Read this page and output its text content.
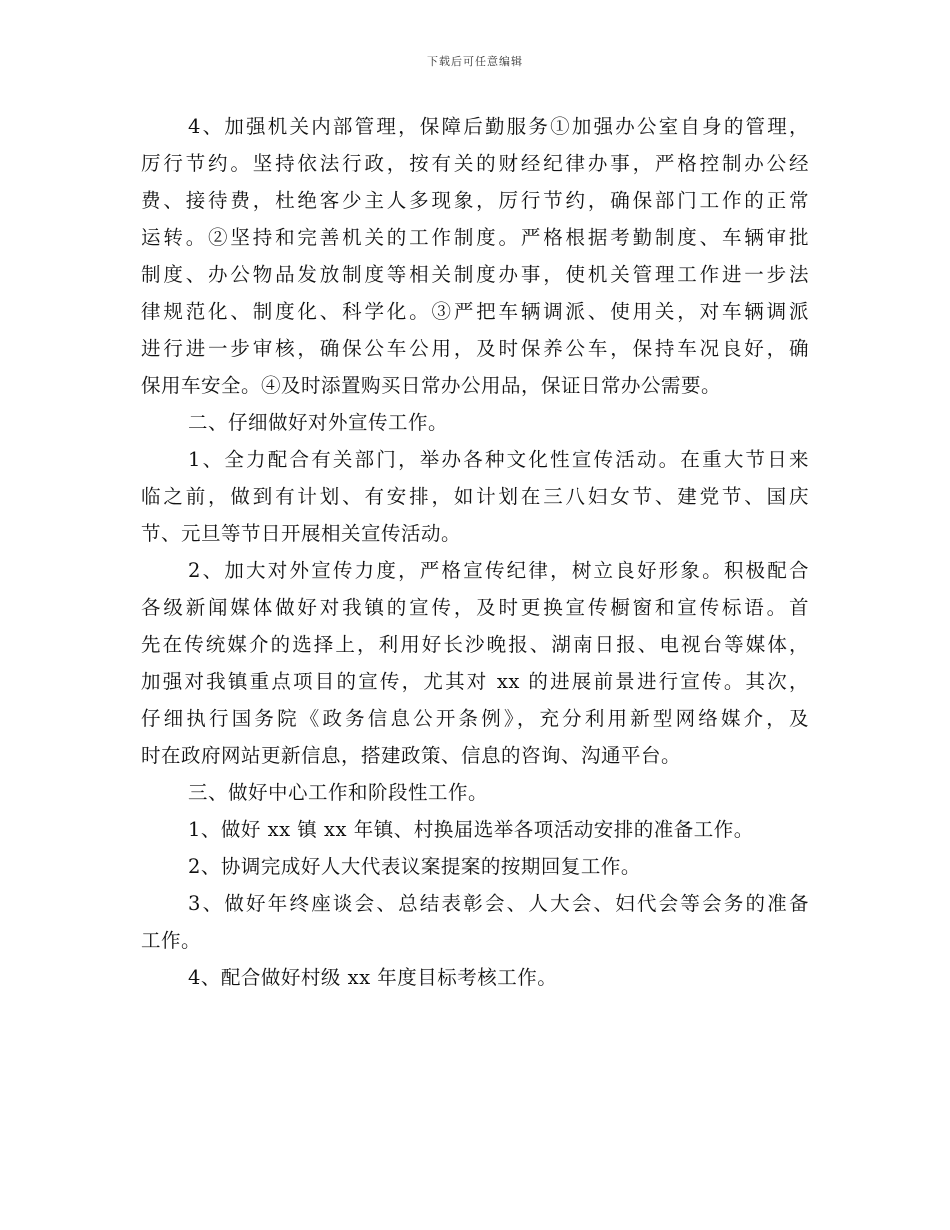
下载后可任意编辑
4、加强机关内部管理，保障后勤服务①加强办公室自身的管理，
厉行节约。坚持依法行政，按有关的财经纪律办事，严格控制办公经
费、接待费，杜绝客少主人多现象，厉行节约，确保部门工作的正常
运转。②坚持和完善机关的工作制度。严格根据考勤制度、车辆审批
制度、办公物品发放制度等相关制度办事，使机关管理工作进一步法
律规范化、制度化、科学化。③严把车辆调派、使用关，对车辆调派
进行进一步审核，确保公车公用，及时保养公车，保持车况良好，确
保用车安全。④及时添置购买日常办公用品，保证日常办公需要。
二、仔细做好对外宣传工作。
1、全力配合有关部门，举办各种文化性宣传活动。在重大节日来
临之前，做到有计划、有安排，如计划在三八妇女节、建党节、国庆
节、元旦等节日开展相关宣传活动。
2、加大对外宣传力度，严格宣传纪律，树立良好形象。积极配合
各级新闻媒体做好对我镇的宣传，及时更换宣传橱窗和宣传标语。首
先在传统媒介的选择上，利用好长沙晚报、湖南日报、电视台等媒体，
加强对我镇重点项目的宣传，尤其对 xx 的进展前景进行宣传。其次，
仔细执行国务院《政务信息公开条例》，充分利用新型网络媒介，及
时在政府网站更新信息，搭建政策、信息的咨询、沟通平台。
三、做好中心工作和阶段性工作。
1、做好 xx 镇 xx 年镇、村换届选举各项活动安排的准备工作。
2、协调完成好人大代表议案提案的按期回复工作。
3、做好年终座谈会、总结表彰会、人大会、妇代会等会务的准备
工作。
4、配合做好村级 xx 年度目标考核工作。
